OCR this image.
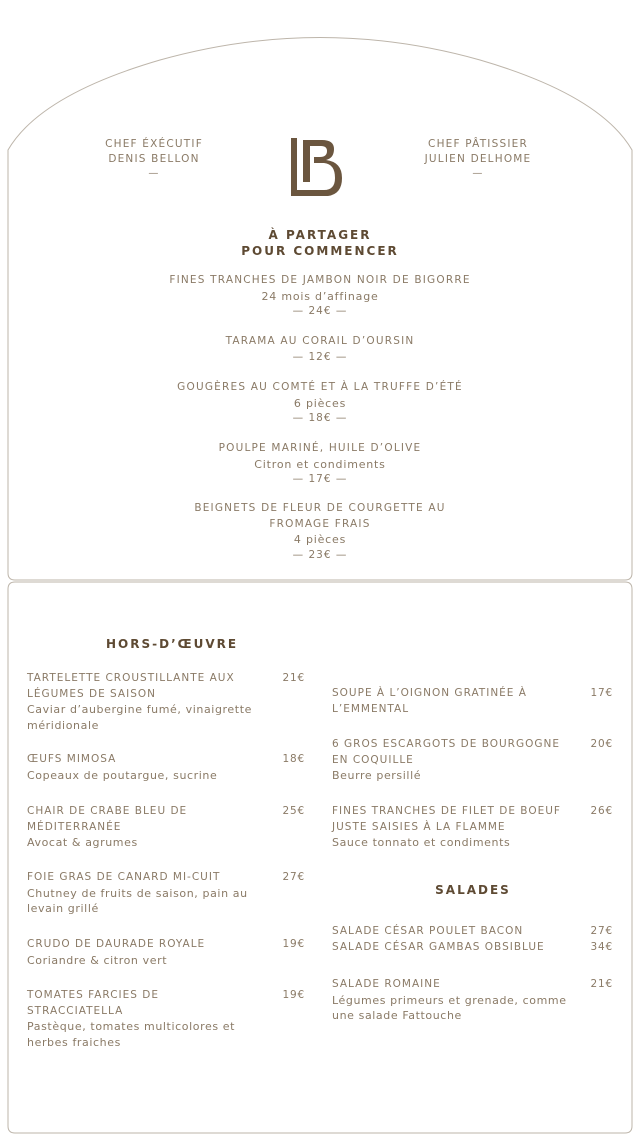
CHEF ÉXÉCUTIF
DENIS BELLON
—
CHEF PÂTISSIER
JULIEN DELHOME
—
À PARTAGER
POUR COMMENCER
FINES TRANCHES DE JAMBON NOIR DE BIGORRE
24 mois d’affinage
— 24€ —
TARAMA AU CORAIL D’OURSIN
— 12€ —
GOUGÈRES AU COMTÉ ET À LA TRUFFE D’ÉTÉ
6 pièces
— 18€ —
POULPE MARINÉ, HUILE D’OLIVE
Citron et condiments
— 17€ —
BEIGNETS DE FLEUR DE COURGETTE AU FROMAGE FRAIS
4 pièces
— 23€ —
HORS-D’ŒUVRE
TARTELETTE CROUSTILLANTE AUX LÉGUMES DE SAISON
Caviar d’aubergine fumé, vinaigrette méridionale
21€
ŒUFS MIMOSA
Copeaux de poutargue, sucrine
18€
CHAIR DE CRABE BLEU DE MÉDITERRANÉE
Avocat & agrumes
25€
FOIE GRAS DE CANARD MI-CUIT
Chutney de fruits de saison, pain au levain grillé
27€
CRUDO DE DAURADE ROYALE
Coriandre & citron vert
19€
TOMATES FARCIES DE STRACCIATELLA
Pastèque, tomates multicolores et herbes fraiches
19€
SOUPE À L’OIGNON GRATINÉE À L’EMMENTAL
17€
6 GROS ESCARGOTS DE BOURGOGNE EN COQUILLE
Beurre persillé
20€
FINES TRANCHES DE FILET DE BOEUF JUSTE SAISIES À LA FLAMME
Sauce tonnato et condiments
26€
SALADES
SALADE CÉSAR POULET BACON	27€
SALADE CÉSAR GAMBAS OBSIBLUE	34€
SALADE ROMAINE
Légumes primeurs et grenade, comme une salade Fattouche
21€
